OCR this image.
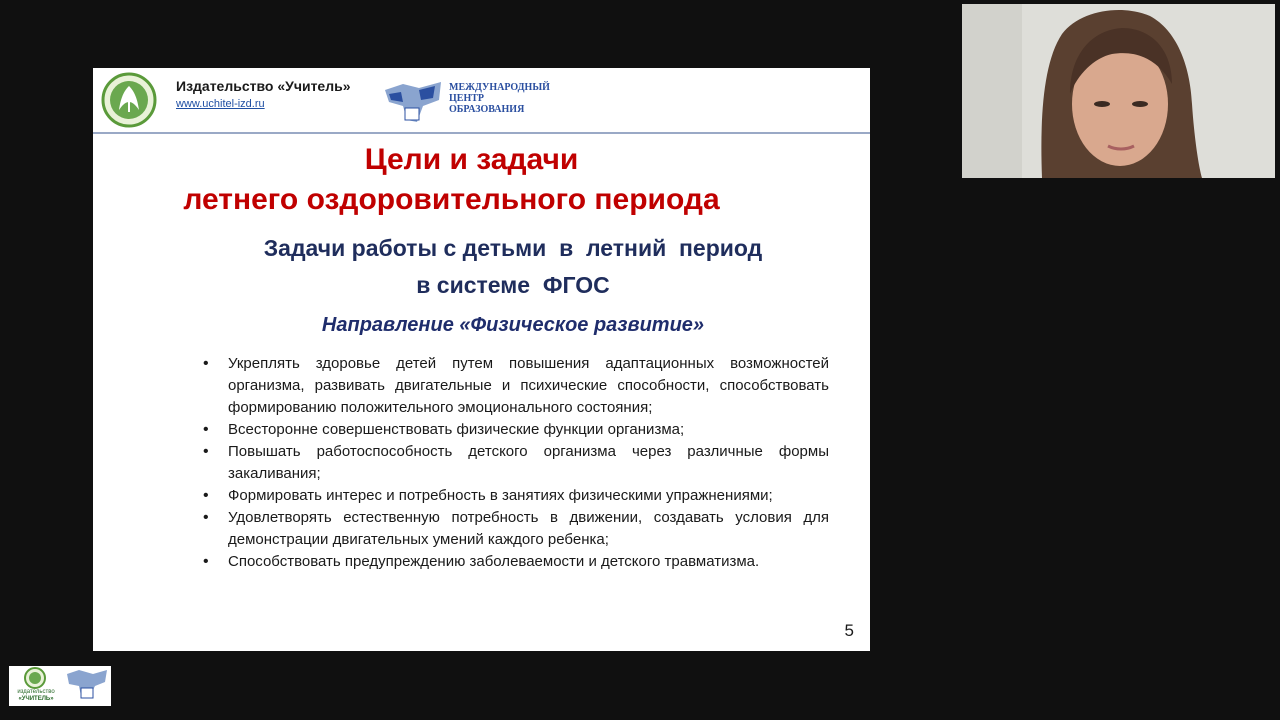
Издательство «Учитель»
www.uchitel-izd.ru
МЕЖДУНАРОДНЫЙ
ЦЕНТР
ОБРАЗОВАНИЯ
Цели и задачи
летнего оздоровительного периода
Задачи работы с детьми  в  летний  период
в системе  ФГОС
Направление «Физическое развитие»
• Укреплять здоровье детей путем повышения адаптационных возможностей организма, развивать двигательные и психические способности, способствовать формированию положительного эмоционального состояния;
• Всесторонне совершенствовать физические функции организма;
• Повышать работоспособность детского организма через различные формы закаливания;
• Формировать интерес и потребность в занятиях физическими упражнениями;
• Удовлетворять естественную потребность в движении, создавать условия для демонстрации двигательных умений каждого ребенка;
• Способствовать предупреждению заболеваемости и детского травматизма.
5
издательство
«УЧИТЕЛЬ»
